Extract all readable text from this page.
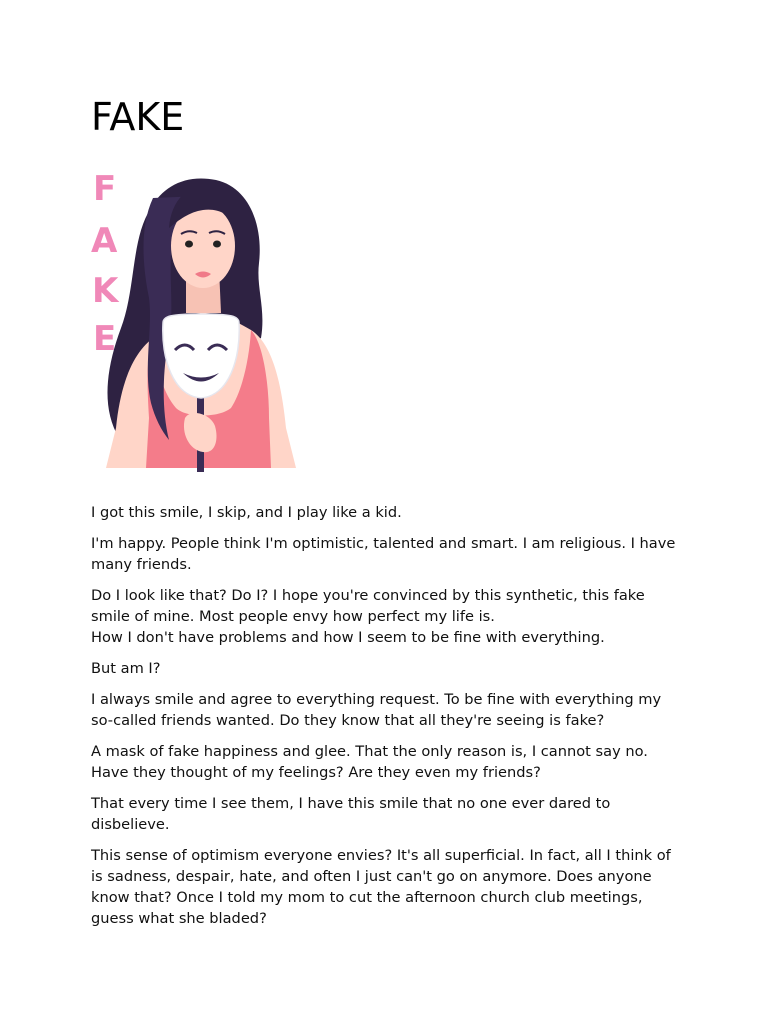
FAKE
F
A
K
E

I got this smile, I skip, and I play like a kid.

I'm happy. People think I'm optimistic, talented and smart. I am religious. I have many friends.

Do I look like that? Do I? I hope you're convinced by this synthetic, this fake smile of mine. Most people envy how perfect my life is.
How I don't have problems and how I seem to be fine with everything.

But am I?

I always smile and agree to everything request. To be fine with everything my so-called friends wanted. Do they know that all they're seeing is fake?

A mask of fake happiness and glee. That the only reason is, I cannot say no. Have they thought of my feelings? Are they even my friends?

That every time I see them, I have this smile that no one ever dared to disbelieve.

This sense of optimism everyone envies? It's all superficial. In fact, all I think of is sadness, despair, hate, and often I just can't go on anymore. Does anyone know that? Once I told my mom to cut the afternoon church club meetings, guess what she bladed?
